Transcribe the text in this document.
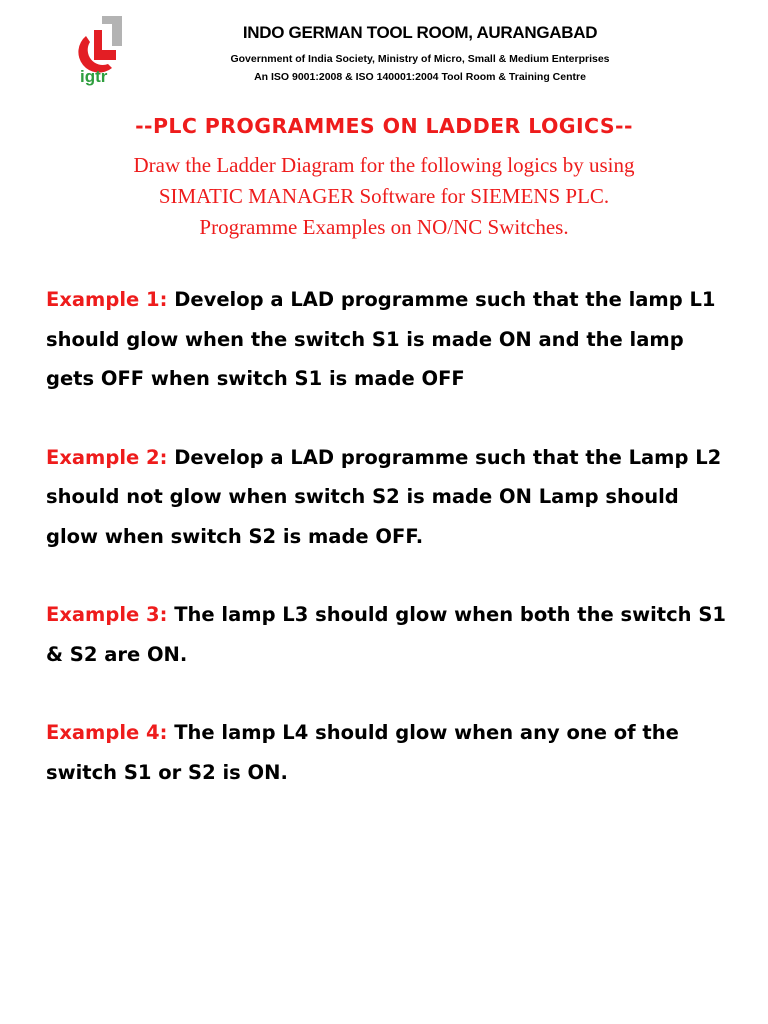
igtr
INDO GERMAN TOOL ROOM, AURANGABAD
Government of India Society, Ministry of Micro, Small & Medium Enterprises
An ISO 9001:2008 & ISO 140001:2004 Tool Room & Training Centre
--PLC PROGRAMMES ON LADDER LOGICS--
Draw the Ladder Diagram for the following logics by using
SIMATIC MANAGER Software for SIEMENS PLC.
Programme Examples on NO/NC Switches.

Example 1: Develop a LAD programme such that the lamp L1 should glow when the switch S1 is made ON and the lamp gets OFF when switch S1 is made OFF

Example 2: Develop a LAD programme such that the Lamp L2 should not glow when switch S2 is made ON Lamp should glow when switch S2 is made OFF.

Example 3: The lamp L3 should glow when both the switch S1 & S2 are ON.

Example 4: The lamp L4 should glow when any one of the switch S1 or S2 is ON.
